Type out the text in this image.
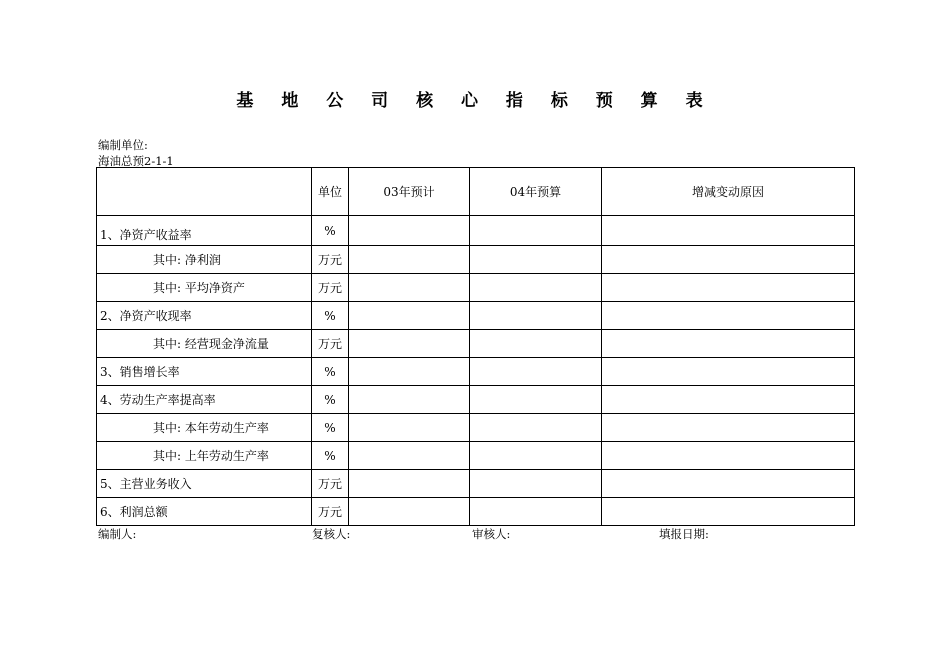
基 地 公 司 核 心 指 标 预 算 表
编制单位:
海油总预2-1-1
	单位	03年预计	04年预算	增减变动原因
1、净资产收益率	%			
其中: 净利润	万元			
其中: 平均净资产	万元			
2、净资产收现率	%			
其中: 经营现金净流量	万元			
3、销售增长率	%			
4、劳动生产率提高率	%			
其中: 本年劳动生产率	%			
其中: 上年劳动生产率	%			
5、主营业务收入	万元			
6、利润总额	万元			
编制人:	复核人:	审核人:	填报日期:
